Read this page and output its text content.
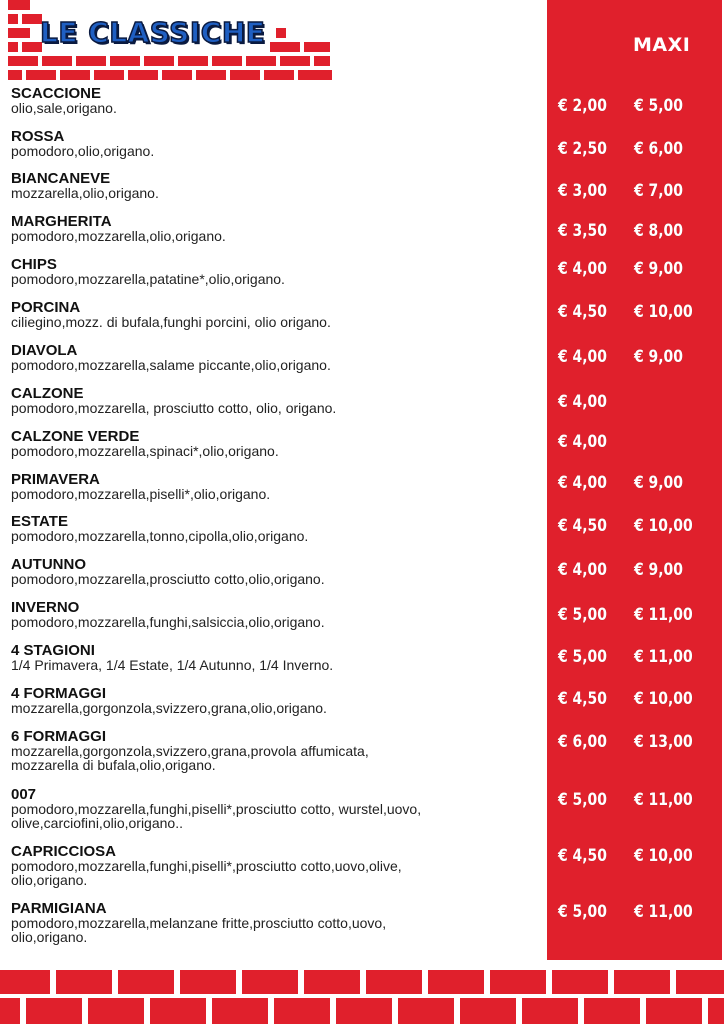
LE CLASSICHE	MAXI
SCACCIONE
olio,sale,origano.	€ 2,00 € 5,00
ROSSA
pomodoro,olio,origano.	€ 2,50 € 6,00
BIANCANEVE
mozzarella,olio,origano.	€ 3,00 € 7,00
MARGHERITA
pomodoro,mozzarella,olio,origano.	€ 3,50 € 8,00
CHIPS
pomodoro,mozzarella,patatine*,olio,origano.	€ 4,00 € 9,00
PORCINA
ciliegino,mozz. di bufala,funghi porcini, olio origano.	€ 4,50 € 10,00
DIAVOLA
pomodoro,mozzarella,salame piccante,olio,origano.	€ 4,00 € 9,00
CALZONE
pomodoro,mozzarella, prosciutto cotto, olio, origano.	€ 4,00
CALZONE VERDE
pomodoro,mozzarella,spinaci*,olio,origano.	€ 4,00
PRIMAVERA
pomodoro,mozzarella,piselli*,olio,origano.
€ 4,00 € 9,00
ESTATE
pomodoro,mozzarella,tonno,cipolla,olio,origano.	€ 4,50 € 10,00
AUTUNNO
pomodoro,mozzarella,prosciutto cotto,olio,origano.	€ 4,00 € 9,00
INVERNO
pomodoro,mozzarella,funghi,salsiccia,olio,origano.	€ 5,00 € 11,00
4 STAGIONI
1/4 Primavera, 1/4 Estate, 1/4 Autunno, 1/4 Inverno.	€ 5,00 € 11,00
4 FORMAGGI
mozzarella,gorgonzola,svizzero,grana,olio,origano.	€ 4,50 € 10,00
6 FORMAGGI
mozzarella,gorgonzola,svizzero,grana,provola affumicata,
mozzarella di bufala,olio,origano.
€ 6,00 € 13,00
007
pomodoro,mozzarella,funghi,piselli*,prosciutto cotto, wurstel,uovo,
olive,carciofini,olio,origano..
€ 5,00 € 11,00
CAPRICCIOSA
pomodoro,mozzarella,funghi,piselli*,prosciutto cotto,uovo,olive,
olio,origano.
€ 4,50 € 10,00
PARMIGIANA
pomodoro,mozzarella,melanzane fritte,prosciutto cotto,uovo,
olio,origano.
€ 5,00 € 11,00
